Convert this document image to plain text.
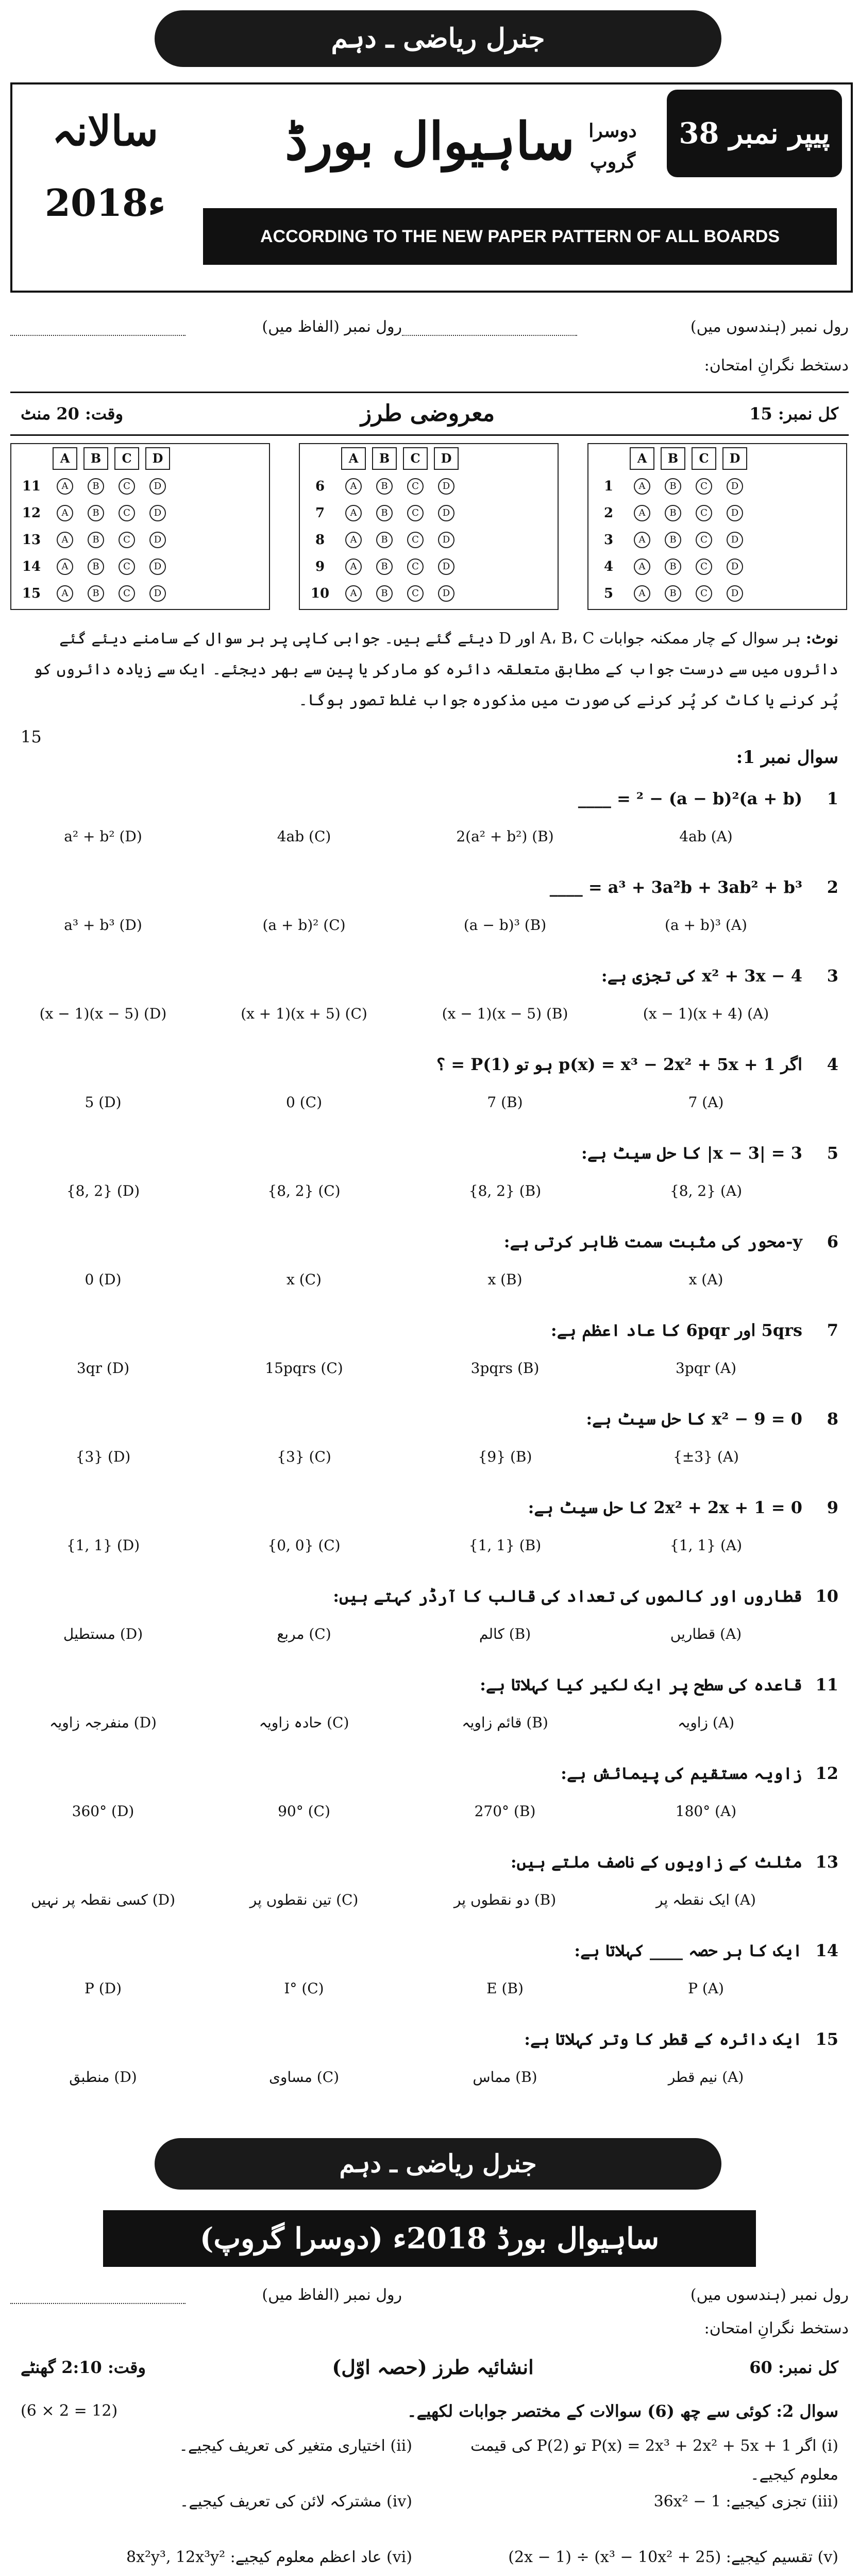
جنرل ریاضی ـ دہم
پیپر نمبر 38
ساہیوال بورڈ دوسرا گروپ
سالانہ
2018ء
ACCORDING TO THE NEW PAPER PATTERN OF ALL BOARDS
رول نمبر (ہندسوں میں)
رول نمبر (الفاظ میں)
دستخط نگرانِ امتحان:
کل نمبر: 15
معروضی طرز
وقت: 20 منٹ
A	B	C	D
1	A	B	C	D
2	A	B	C	D
3	A	B	C	D
4	A	B	C	D
5	A	B	C	D
A	B	C	D
6	A	B	C	D
7	A	B	C	D
8	A	B	C	D
9	A	B	C	D
10	A	B	C	D
A	B	C	D
11	A	B	C	D
12	A	B	C	D
13	A	B	C	D
14	A	B	C	D
15	A	B	C	D
نوٹ: ہر سوال کے چار ممکنہ جوابات A، B، C اور D دیئے گئے ہیں۔ جوابی کاپی پر ہر سوال کے سامنے دیئے گئے دائروں میں سے درست جواب کے مطابق متعلقہ دائرہ کو مارکر یا پین سے بھر دیجئے۔ ایک سے زیادہ دائروں کو پُر کرنے یا کاٹ کر پُر کرنے کی صورت میں مذکورہ جواب غلط تصور ہوگا۔
15
سوال نمبر 1:
1
(a + b)² − (a − b)² = ____
4ab (A)
2(a² + b²) (B)
4ab (C)
a² + b² (D)
2
a³ + 3a²b + 3ab² + b³ = ____
(a + b)³ (A)
(a − b)³ (B)
(a + b)² (C)
a³ + b³ (D)
3
x² + 3x − 4 کی تجزی ہے:
(x − 1)(x + 4) (A)
(x − 1)(x − 5) (B)
(x + 1)(x + 5) (C)
(x − 1)(x − 5) (D)
4
اگر p(x) = x³ − 2x² + 5x + 1 ہو تو P(1) = ؟
7 (A)
7 (B)
0 (C)
5 (D)
5
3 = |x − 3| کا حل سیٹ ہے:
{8, 2} (A)
{8, 2} (B)
{8, 2} (C)
{8, 2} (D)
6
y-محور کی مثبت سمت ظاہر کرتی ہے:
x (A)
x (B)
x (C)
0 (D)
7
5qrs اور 6pqr کا عاد اعظم ہے:
3pqr (A)
3pqrs (B)
15pqrs (C)
3qr (D)
8
x² − 9 = 0 کا حل سیٹ ہے:
{±3} (A)
{9} (B)
{3} (C)
{3} (D)
9
2x² + 2x + 1 = 0 کا حل سیٹ ہے:
{1, 1} (A)
{1, 1} (B)
{0, 0} (C)
{1, 1} (D)
10
قطاروں اور کالموں کی تعداد کی قالب کا آرڈر کہتے ہیں:
قطاریں (A)
کالم (B)
مربع (C)
مستطیل (D)
11
قاعدہ کی سطح پر ایک لکیر کیا کہلاتا ہے:
زاویہ (A)
قائم زاویہ (B)
حادہ زاویہ (C)
منفرجہ زاویہ (D)
12
زاویہ مستقیم کی پیمائش ہے:
180° (A)
270° (B)
90° (C)
360° (D)
13
مثلث کے زاویوں کے ناصف ملتے ہیں:
ایک نقطہ پر (A)
دو نقطوں پر (B)
تین نقطوں پر (C)
کسی نقطہ پر نہیں (D)
14
ایک کا ہر حصہ ____ کہلاتا ہے:
P (A)
E (B)
I° (C)
P (D)
15
ایک دائرہ کے قطر کا وتر کہلاتا ہے:
نیم قطر (A)
مماس (B)
مساوی (C)
منطبق (D)
جنرل ریاضی ـ دہم
ساہیوال بورڈ 2018ء (دوسرا گروپ)
رول نمبر (ہندسوں میں)
رول نمبر (الفاظ میں)
دستخط نگرانِ امتحان:
کل نمبر: 60
انشائیہ طرز (حصہ اوّل)
وقت: 2:10 گھنٹے
(6 × 2 = 12)	سوال 2: کوئی سے چھ (6) سوالات کے مختصر جوابات لکھیے۔
(i) اگر P(x) = 2x³ + 2x² + 5x + 1 تو P(2) کی قیمت معلوم کیجیے۔
(ii) اختیاری متغیر کی تعریف کیجیے۔
(iii) تجزی کیجیے: 36x² − 1
(iv) مشترکہ لائن کی تعریف کیجیے۔
(v) تقسیم کیجیے: (x³ − 10x² + 25) ÷ (2x − 1)
(vi) عاد اعظم معلوم کیجیے: 8x²y³, 12x³y²
